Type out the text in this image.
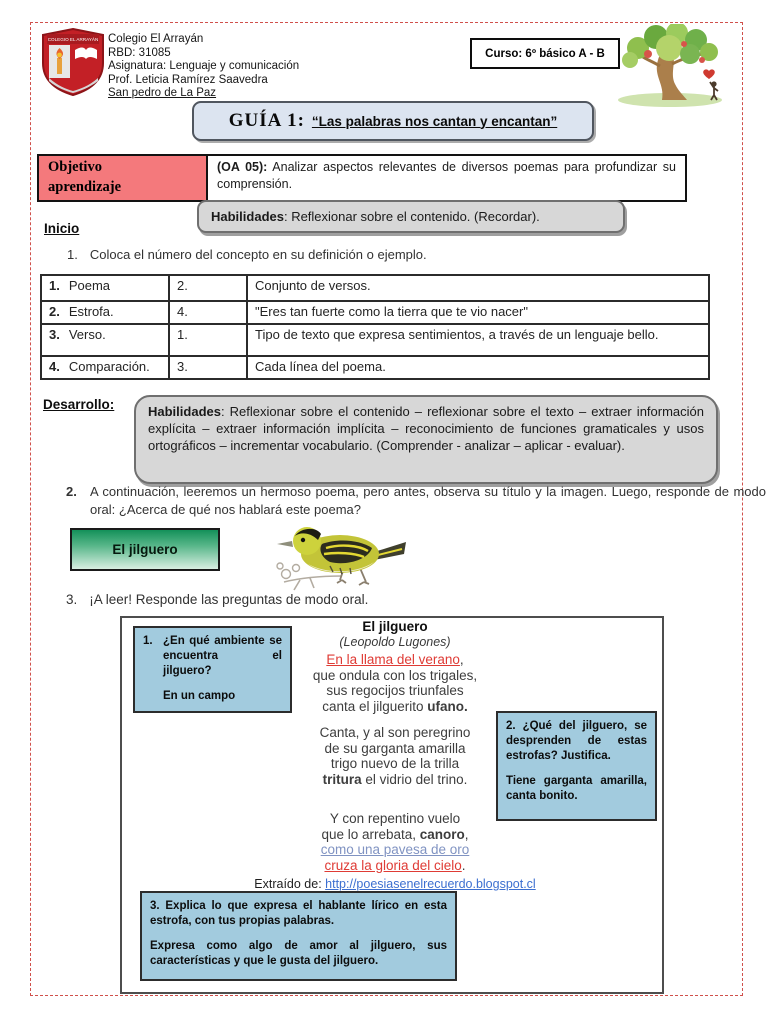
COLEGIO EL ARRAYÁN Colegio El Arrayán
RBD: 31085
Asignatura: Lenguaje y comunicación
Prof. Leticia Ramírez Saavedra
San pedro de La Paz
Curso: 6º básico A - B
GUÍA 1: “Las palabras nos cantan y encantan”
Objetivo
aprendizaje
(OA 05): Analizar aspectos relevantes de diversos poemas para profundizar su comprensión.
Habilidades: Reflexionar sobre el contenido. (Recordar).
Inicio
1. Coloca el número del concepto en su definición o ejemplo.
1. Poema	2.	Conjunto de versos.
2. Estrofa.	4.	"Eres tan fuerte como la tierra que te vio nacer"
3. Verso.	1.	Tipo de texto que expresa sentimientos, a través de un lenguaje bello.
4. Comparación.	3.	Cada línea del poema.
Desarrollo:	Habilidades: Reflexionar sobre el contenido – reflexionar sobre el texto – extraer información explícita – extraer información implícita – reconocimiento de funciones gramaticales y usos ortográficos – incrementar vocabulario. (Comprender - analizar – aplicar - evaluar).
2. A continuación, leeremos un hermoso poema, pero antes, observa su título y la imagen. Luego, responde de modo oral: ¿Acerca de qué nos hablará este poema?
El jilguero
3. ¡A leer! Responde las preguntas de modo oral.
1. ¿En qué ambiente se encuentra el jilguero?
En un campo
2. ¿Qué del jilguero, se desprenden de estas estrofas? Justifica.
Tiene garganta amarilla, canta bonito.
3. Explica lo que expresa el hablante lírico en esta estrofa, con tus propias palabras.
Expresa como algo de amor al jilguero, sus características y que le gusta del jilguero.
El jilguero
(Leopoldo Lugones)
En la llama del verano,
que ondula con los trigales,
sus regocijos triunfales
canta el jilguerito ufano.
Canta, y al son peregrino
de su garganta amarilla
trigo nuevo de la trilla
tritura el vidrio del trino.
Y con repentino vuelo
que lo arrebata, canoro,
como una pavesa de oro
cruza la gloria del cielo.
Extraído de: http://poesiasenelrecuerdo.blogspot.cl
